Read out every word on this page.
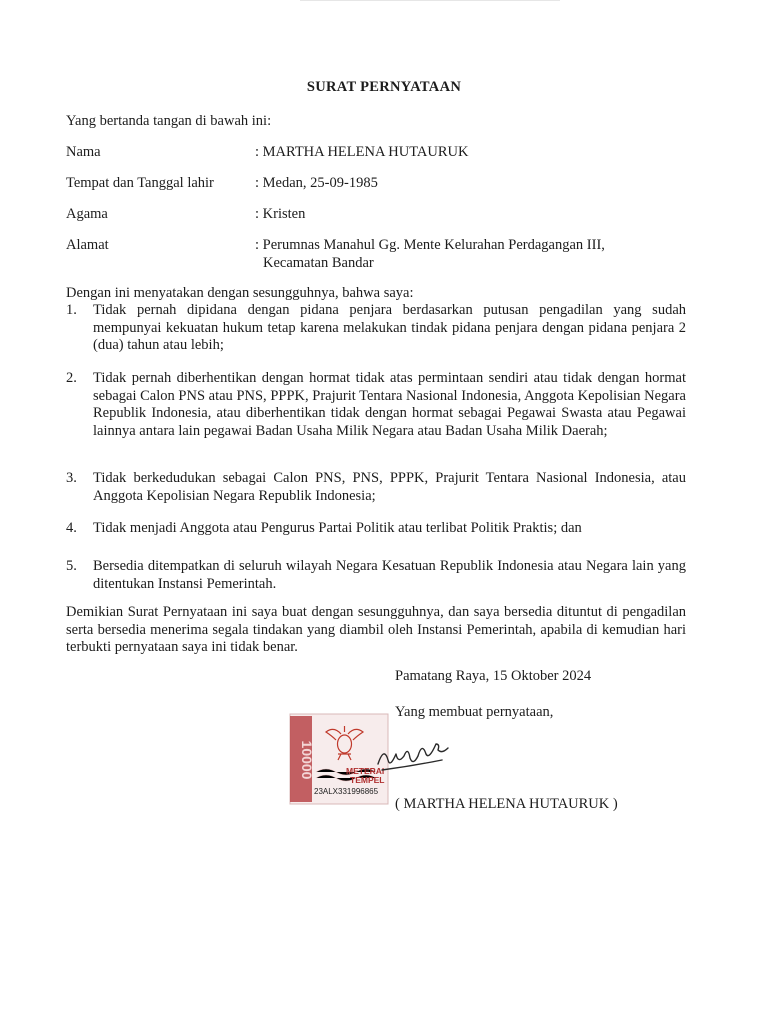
SURAT PERNYATAAN
Yang bertanda tangan di bawah ini:
Nama	: MARTHA HELENA HUTAURUK
Tempat dan Tanggal lahir	: Medan, 25-09-1985
Agama	: Kristen
Alamat	: Perumnas Manahul Gg. Mente Kelurahan Perdagangan III,
Kecamatan Bandar
Dengan ini menyatakan dengan sesungguhnya, bahwa saya:
1. Tidak pernah dipidana dengan pidana penjara berdasarkan putusan pengadilan yang sudah mempunyai kekuatan hukum tetap karena melakukan tindak pidana penjara dengan pidana penjara 2 (dua) tahun atau lebih;
2. Tidak pernah diberhentikan dengan hormat tidak atas permintaan sendiri atau tidak dengan hormat sebagai Calon PNS atau PNS, PPPK, Prajurit Tentara Nasional Indonesia, Anggota Kepolisian Negara Republik Indonesia, atau diberhentikan tidak dengan hormat sebagai Pegawai Swasta atau Pegawai lainnya antara lain pegawai Badan Usaha Milik Negara atau Badan Usaha Milik Daerah;
3. Tidak berkedudukan sebagai Calon PNS, PNS, PPPK, Prajurit Tentara Nasional Indonesia, atau Anggota Kepolisian Negara Republik Indonesia;
4. Tidak menjadi Anggota atau Pengurus Partai Politik atau terlibat Politik Praktis; dan
5. Bersedia ditempatkan di seluruh wilayah Negara Kesatuan Republik Indonesia atau Negara lain yang ditentukan Instansi Pemerintah.
Demikian Surat Pernyataan ini saya buat dengan sesungguhnya, dan saya bersedia dituntut di pengadilan serta bersedia menerima segala tindakan yang diambil oleh Instansi Pemerintah, apabila di kemudian hari terbukti pernyataan saya ini tidak benar.
Pamatang Raya, 15 Oktober 2024
Yang membuat pernyataan,
10000	METERAI
TEMPEL
23ALX331996865
( MARTHA HELENA HUTAURUK )
